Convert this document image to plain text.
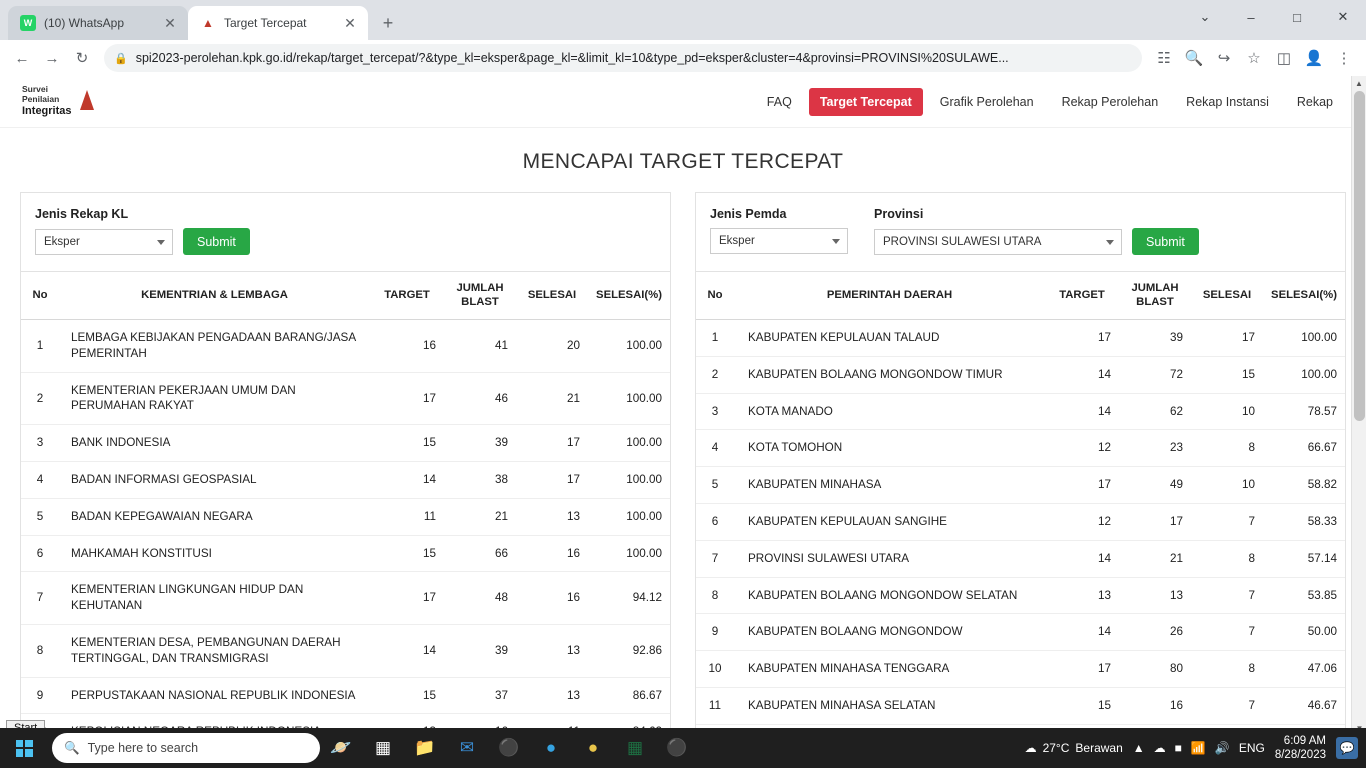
W (10) WhatsApp	✕ ▲ Target Tercepat	✕	+	⌄	–	□	✕
←	→	↻	🔒 spi2023-perolehan.kpk.go.id/rekap/target_tercepat/?&type_kl=eksper&page_kl=&limit_kl=10&type_pd=eksper&cluster=4&provinsi=PROVINSI%20SULAWE...	☷ 🔍 ↪	☆	◫ 👤 ⋮
Survei
Penilaian
Integritas
FAQ	Target Tercepat	Grafik Perolehan	Rekap Perolehan	Rekap Instansi	Rekap
MENCAPAI TARGET TERCEPAT
Jenis Rekap KL
Eksper	Submit
No	KEMENTRIAN & LEMBAGA	TARGET	JUMLAH BLAST	SELESAI	SELESAI(%)
1	LEMBAGA KEBIJAKAN PENGADAAN BARANG/JASA PEMERINTAH	16	41	20	100.00
2	KEMENTERIAN PEKERJAAN UMUM DAN PERUMAHAN RAKYAT	17	46	21	100.00
3	BANK INDONESIA	15	39	17	100.00
4	BADAN INFORMASI GEOSPASIAL	14	38	17	100.00
5	BADAN KEPEGAWAIAN NEGARA	11	21	13	100.00
6	MAHKAMAH KONSTITUSI	15	66	16	100.00
7	KEMENTERIAN LINGKUNGAN HIDUP DAN KEHUTANAN	17	48	16	94.12
8	KEMENTERIAN DESA, PEMBANGUNAN DAERAH TERTINGGAL, DAN TRANSMIGRASI	14	39	13	92.86
9	PERPUSTAKAAN NASIONAL REPUBLIK INDONESIA	15	37	13	86.67

Jenis Pemda
Eksper
Provinsi
PROVINSI SULAWESI UTARA	Submit
No	PEMERINTAH DAERAH	TARGET	JUMLAH BLAST	SELESAI	SELESAI(%)
1	KABUPATEN KEPULAUAN TALAUD	17	39	17	100.00
2	KABUPATEN BOLAANG MONGONDOW TIMUR	14	72	15	100.00
3	KOTA MANADO	14	62	10	78.57
4	KOTA TOMOHON	12	23	8	66.67
5	KABUPATEN MINAHASA	17	49	10	58.82
6	KABUPATEN KEPULAUAN SANGIHE	12	17	7	58.33
7	PROVINSI SULAWESI UTARA	14	21	8	57.14
8	KABUPATEN BOLAANG MONGONDOW SELATAN	13	13	7	53.85
9	KABUPATEN BOLAANG MONGONDOW	14	26	7	50.00
10	KABUPATEN MINAHASA TENGGARA	17	80	8	47.06
11	KABUPATEN MINAHASA SELATAN	15	16	7	46.67

▲
🔍 Type here to search	🪐 ▦ 📁 ✉ ⚫ ● ● ▦ ⚫	☁ 27°C Berawan ▲ ☁ ■ 📶 🔊 ENG
6:09 AM
8/28/2023 💬
